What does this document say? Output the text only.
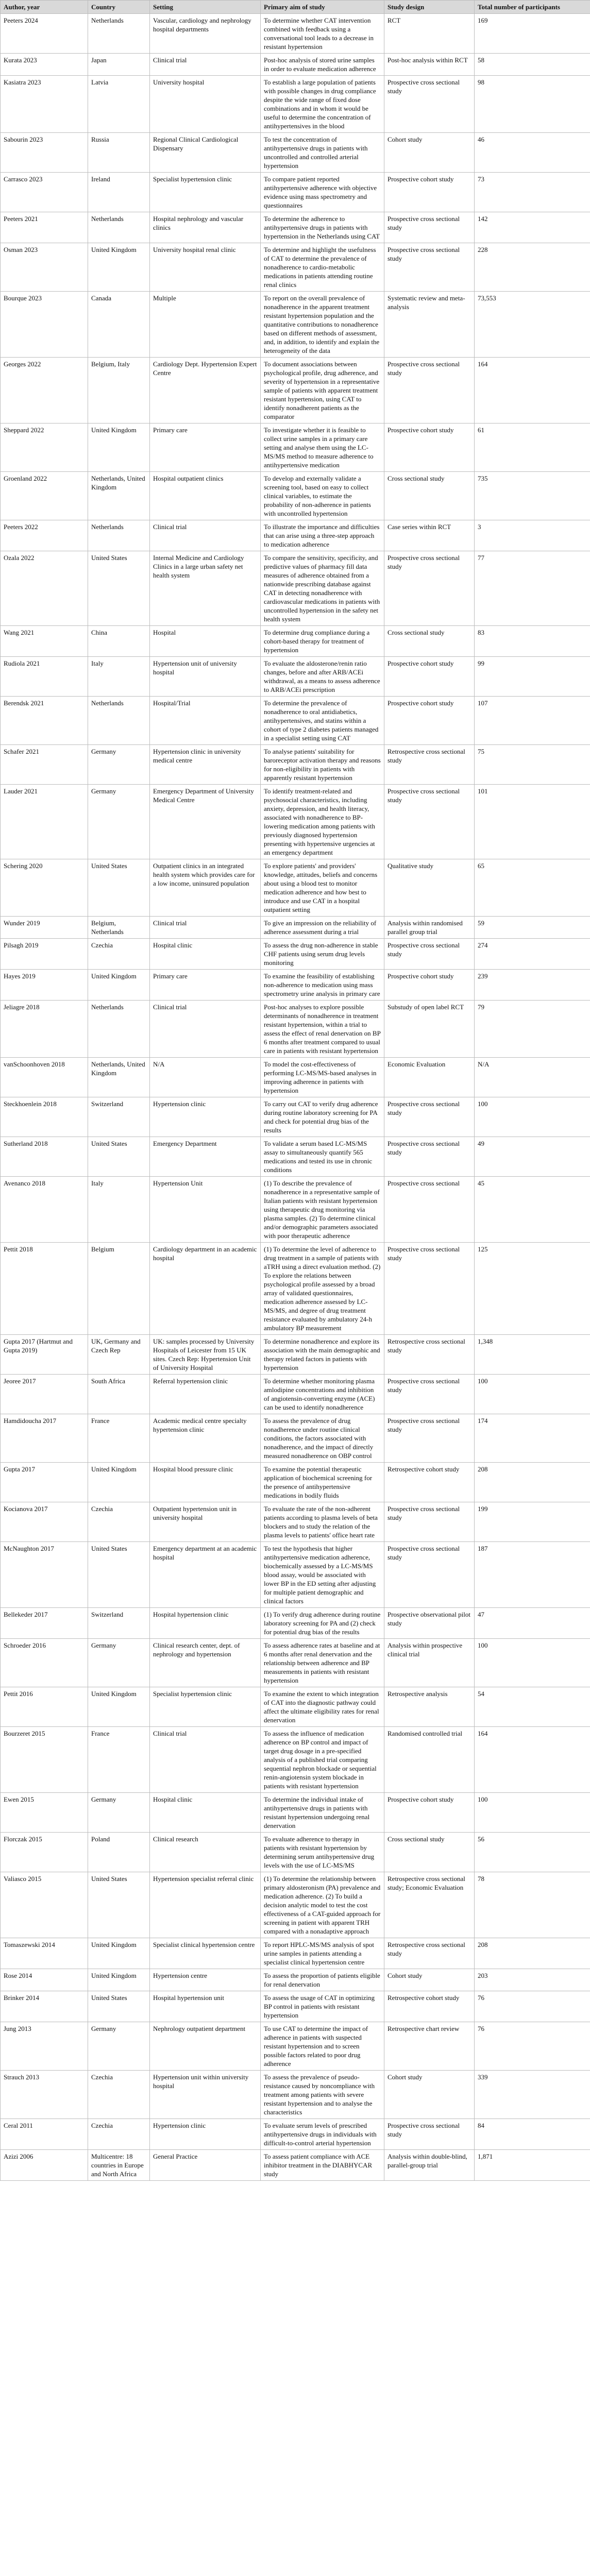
Author, year	Country	Setting	Primary aim of study	Study design	Total number of participants
Peeters 2024	Netherlands	Vascular, cardiology and nephrology hospital departments	To determine whether CAT intervention combined with feedback using a conversational tool leads to a decrease in resistant hypertension	RCT	169
Kurata 2023	Japan	Clinical trial	Post-hoc analysis of stored urine samples in order to evaluate medication adherence	Post-hoc analysis within RCT	58
Kasiatra 2023	Latvia	University hospital	To establish a large population of patients with possible changes in drug compliance despite the wide range of fixed dose combinations and in whom it would be useful to determine the concentration of antihypertensives in the blood	Prospective cross sectional study	98
Sabourin 2023	Russia	Regional Clinical Cardiological Dispensary	To test the concentration of antihypertensive drugs in patients with uncontrolled and controlled arterial hypertension	Cohort study	46
Carrasco 2023	Ireland	Specialist hypertension clinic	To compare patient reported antihypertensive adherence with objective evidence using mass spectrometry and questionnaires	Prospective cohort study	73
Peeters 2021	Netherlands	Hospital nephrology and vascular clinics	To determine the adherence to antihypertensive drugs in patients with hypertension in the Netherlands using CAT	Prospective cross sectional study	142
Osman 2023	United Kingdom	University hospital renal clinic	To determine and highlight the usefulness of CAT to determine the prevalence of nonadherence to cardio-metabolic medications in patients attending routine renal clinics	Prospective cross sectional study	228
Bourque 2023	Canada	Multiple	To report on the overall prevalence of nonadherence in the apparent treatment resistant hypertension population and the quantitative contributions to nonadherence based on different methods of assessment, and, in addition, to identify and explain the heterogeneity of the data	Systematic review and meta-analysis	73,553
Georges 2022	Belgium, Italy	Cardiology Dept. Hypertension Expert Centre	To document associations between psychological profile, drug adherence, and severity of hypertension in a representative sample of patients with apparent treatment resistant hypertension, using CAT to identify nonadherent patients as the comparator	Prospective cross sectional study	164
Sheppard 2022	United Kingdom	Primary care	To investigate whether it is feasible to collect urine samples in a primary care setting and analyse them using the LC-MS/MS method to measure adherence to antihypertensive medication	Prospective cohort study	61
Groenland 2022	Netherlands, United Kingdom	Hospital outpatient clinics	To develop and externally validate a screening tool, based on easy to collect clinical variables, to estimate the probability of non-adherence in patients with uncontrolled hypertension	Cross sectional study	735
Peeters 2022	Netherlands	Clinical trial	To illustrate the importance and difficulties that can arise using a three-step approach to medication adherence	Case series within RCT	3
Ozala 2022	United States	Internal Medicine and Cardiology Clinics in a large urban safety net health system	To compare the sensitivity, specificity, and predictive values of pharmacy fill data measures of adherence obtained from a nationwide prescribing database against CAT in detecting nonadherence with cardiovascular medications in patients with uncontrolled hypertension in the safety net health system	Prospective cross sectional study	77
Wang 2021	China	Hospital	To determine drug compliance during a cohort-based therapy for treatment of hypertension	Cross sectional study	83
Rudiola 2021	Italy	Hypertension unit of university hospital	To evaluate the aldosterone/renin ratio changes, before and after ARB/ACEi withdrawal, as a means to assess adherence to ARB/ACEi prescription	Prospective cohort study	99
Berendsk 2021	Netherlands	Hospital/Trial	To determine the prevalence of nonadherence to oral antidiabetics, antihypertensives, and statins within a cohort of type 2 diabetes patients managed in a specialist setting using CAT	Prospective cohort study	107
Schafer 2021	Germany	Hypertension clinic in university medical centre	To analyse patients' suitability for baroreceptor activation therapy and reasons for non-eligibility in patients with apparently resistant hypertension	Retrospective cross sectional study	75
Lauder 2021	Germany	Emergency Department of University Medical Centre	To identify treatment-related and psychosocial characteristics, including anxiety, depression, and health literacy, associated with nonadherence to BP-lowering medication among patients with previously diagnosed hypertension presenting with hypertensive urgencies at an emergency department	Prospective cross sectional study	101
Schering 2020	United States	Outpatient clinics in an integrated health system which provides care for a low income, uninsured population	To explore patients' and providers' knowledge, attitudes, beliefs and concerns about using a blood test to monitor medication adherence and how best to introduce and use CAT in a hospital outpatient setting	Qualitative study	65
Wunder 2019	Belgium, Netherlands	Clinical trial	To give an impression on the reliability of adherence assessment during a trial	Analysis within randomised parallel group trial	59
Pilsagh 2019	Czechia	Hospital clinic	To assess the drug non-adherence in stable CHF patients using serum drug levels monitoring	Prospective cross sectional study	274
Hayes 2019	United Kingdom	Primary care	To examine the feasibility of establishing non-adherence to medication using mass spectrometry urine analysis in primary care	Prospective cohort study	239
Jeliagre 2018	Netherlands	Clinical trial	Post-hoc analyses to explore possible determinants of nonadherence in treatment resistant hypertension, within a trial to assess the effect of renal denervation on BP 6 months after treatment compared to usual care in patients with resistant hypertension	Substudy of open label RCT	79
vanSchoonhoven 2018	Netherlands, United Kingdom	N/A	To model the cost-effectiveness of performing LC-MS/MS-based analyses in improving adherence in patients with hypertension	Economic Evaluation	N/A
Steckhoenlein 2018	Switzerland	Hypertension clinic	To carry out CAT to verify drug adherence during routine laboratory screening for PA and check for potential drug bias of the results	Prospective cross sectional study	100
Sutherland 2018	United States	Emergency Department	To validate a serum based LC-MS/MS assay to simultaneously quantify 565 medications and tested its use in chronic conditions	Prospective cross sectional study	49
Avenanco 2018	Italy	Hypertension Unit	(1) To describe the prevalence of nonadherence in a representative sample of Italian patients with resistant hypertension using therapeutic drug monitoring via plasma samples. (2) To determine clinical and/or demographic parameters associated with poor therapeutic adherence	Prospective cross sectional	45
Pettit 2018	Belgium	Cardiology department in an academic hospital	(1) To determine the level of adherence to drug treatment in a sample of patients with aTRH using a direct evaluation method. (2) To explore the relations between psychological profile assessed by a broad array of validated questionnaires, medication adherence assessed by LC-MS/MS, and degree of drug treatment resistance evaluated by ambulatory 24-h ambulatory BP measurement	Prospective cross sectional study	125
Gupta 2017 (Hartmut and Gupta 2019)	UK, Germany and Czech Rep	UK: samples processed by University Hospitals of Leicester from 15 UK sites. Czech Rep: Hypertension Unit of University Hospital	To determine nonadherence and explore its association with the main demographic and therapy related factors in patients with hypertension	Retrospective cross sectional study	1,348
Jeoree 2017	South Africa	Referral hypertension clinic	To determine whether monitoring plasma amlodipine concentrations and inhibition of angiotensin-converting enzyme (ACE) can be used to identify nonadherence	Prospective cross sectional study	100
Hamdidoucha 2017	France	Academic medical centre specialty hypertension clinic	To assess the prevalence of drug nonadherence under routine clinical conditions, the factors associated with nonadherence, and the impact of directly measured nonadherence on OBP control	Prospective cross sectional study	174
Gupta 2017	United Kingdom	Hospital blood pressure clinic	To examine the potential therapeutic application of biochemical screening for the presence of antihypertensive medications in bodily fluids	Retrospective cohort study	208
Kocianova 2017	Czechia	Outpatient hypertension unit in university hospital	To evaluate the rate of the non-adherent patients according to plasma levels of beta blockers and to study the relation of the plasma levels to patients' office heart rate	Prospective cross sectional study	199
McNaughton 2017	United States	Emergency department at an academic hospital	To test the hypothesis that higher antihypertensive medication adherence, biochemically assessed by a LC-MS/MS blood assay, would be associated with lower BP in the ED setting after adjusting for multiple patient demographic and clinical factors	Prospective cross sectional study	187
Bellekeder 2017	Switzerland	Hospital hypertension clinic	(1) To verify drug adherence during routine laboratory screening for PA and (2) check for potential drug bias of the results	Prospective observational pilot study	47
Schroeder 2016	Germany	Clinical research center, dept. of nephrology and hypertension	To assess adherence rates at baseline and at 6 months after renal denervation and the relationship between adherence and BP measurements in patients with resistant hypertension	Analysis within prospective clinical trial	100
Pettit 2016	United Kingdom	Specialist hypertension clinic	To examine the extent to which integration of CAT into the diagnostic pathway could affect the ultimate eligibility rates for renal denervation	Retrospective analysis	54
Bourzeret 2015	France	Clinical trial	To assess the influence of medication adherence on BP control and impact of target drug dosage in a pre-specified analysis of a published trial comparing sequential nephron blockade or sequential renin-angiotensin system blockade in patients with resistant hypertension	Randomised controlled trial	164
Ewen 2015	Germany	Hospital clinic	To determine the individual intake of antihypertensive drugs in patients with resistant hypertension undergoing renal denervation	Prospective cohort study	100
Florczak 2015	Poland	Clinical research	To evaluate adherence to therapy in patients with resistant hypertension by determining serum antihypertensive drug levels with the use of LC-MS/MS	Cross sectional study	56
Valiasco 2015	United States	Hypertension specialist referral clinic	(1) To determine the relationship between primary aldosteronism (PA) prevalence and medication adherence. (2) To build a decision analytic model to test the cost effectiveness of a CAT-guided approach for screening in patient with apparent TRH compared with a nonadaptive approach	Retrospective cross sectional study; Economic Evaluation	78
Tomaszewski 2014	United Kingdom	Specialist clinical hypertension centre	To report HPLC-MS/MS analysis of spot urine samples in patients attending a specialist clinical hypertension centre	Retrospective cross sectional study	208
Rose 2014	United Kingdom	Hypertension centre	To assess the proportion of patients eligible for renal denervation	Cohort study	203
Brinker 2014	United States	Hospital hypertension unit	To assess the usage of CAT in optimizing BP control in patients with resistant hypertension	Retrospective cohort study	76
Jung 2013	Germany	Nephrology outpatient department	To use CAT to determine the impact of adherence in patients with suspected resistant hypertension and to screen possible factors related to poor drug adherence	Retrospective chart review	76
Strauch 2013	Czechia	Hypertension unit within university hospital	To assess the prevalence of pseudo-resistance caused by noncompliance with treatment among patients with severe resistant hypertension and to analyse the characteristics	Cohort study	339
Ceral 2011	Czechia	Hypertension clinic	To evaluate serum levels of prescribed antihypertensive drugs in individuals with difficult-to-control arterial hypertension	Prospective cross sectional study	84
Azizi 2006	Multicentre: 18 countries in Europe and North Africa	General Practice	To assess patient compliance with ACE inhibitor treatment in the DIABHYCAR study	Analysis within double-blind, parallel-group trial	1,871
